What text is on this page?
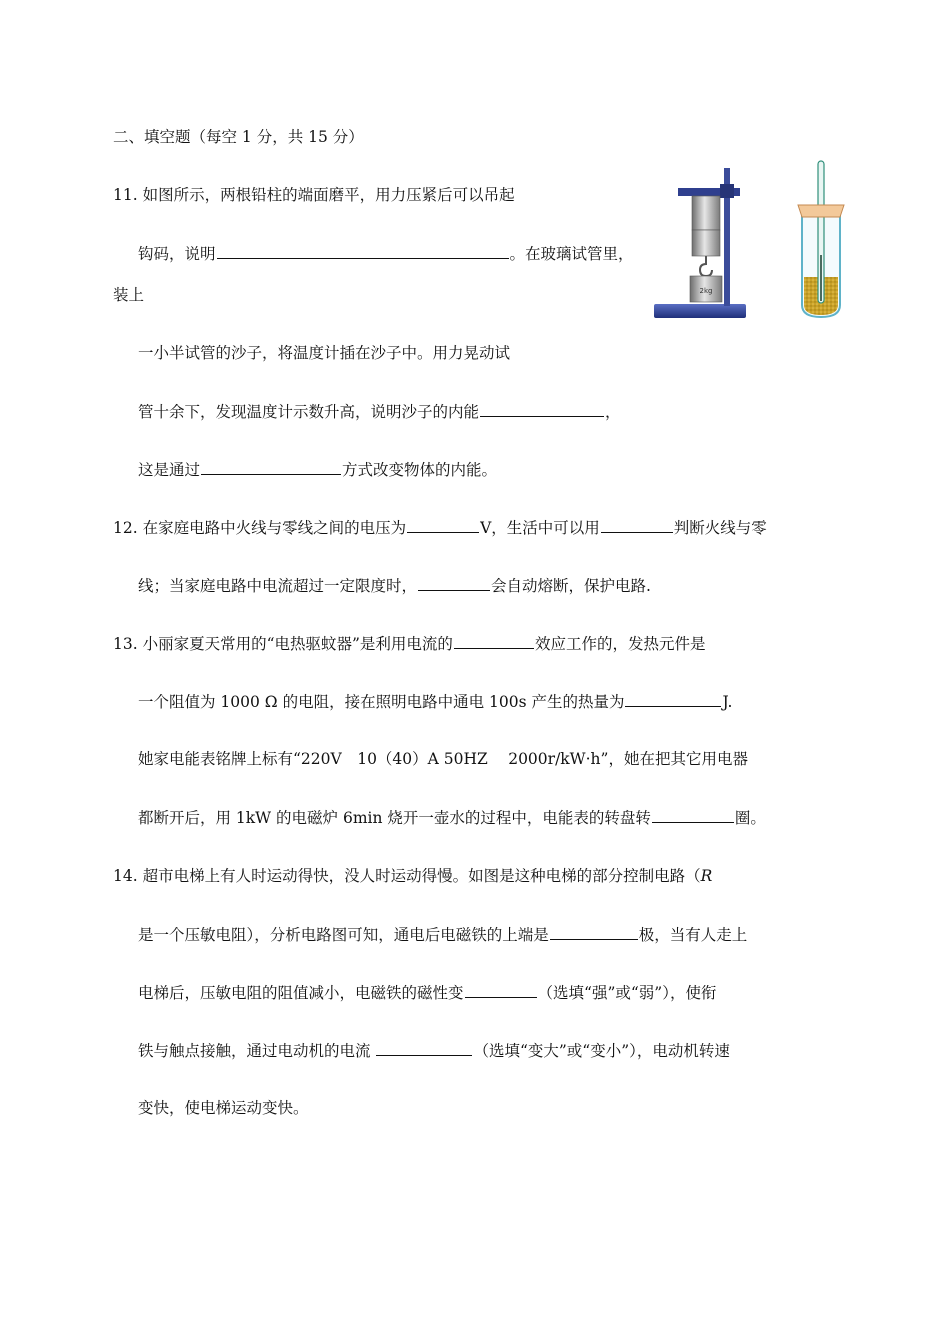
二、填空题（每空 1 分，共 15 分）
11. 如图所示，两根铅柱的端面磨平，用力压紧后可以吊起
钩码，说明	。在玻璃试管里，
装上
一小半试管的沙子，将温度计插在沙子中。用力晃动试
管十余下，发现温度计示数升高，说明沙子的内能	，
这是通过	方式改变物体的内能。
2kg
12. 在家庭电路中火线与零线之间的电压为	V，生活中可以用	判断火线与零
线；当家庭电路中电流超过一定限度时，	会自动熔断，保护电路.
13. 小丽家夏天常用的“电热驱蚊器”是利用电流的	效应工作的，发热元件是
一个阻值为 1000 Ω 的电阻，接在照明电路中通电 100s 产生的热量为	J.
她家电能表铭牌上标有“220V　10（40）A 50HZ　 2000r/kW·h”，她在把其它用电器
都断开后，用 1kW 的电磁炉 6min 烧开一壶水的过程中，电能表的转盘转	圈。
14. 超市电梯上有人时运动得快，没人时运动得慢。如图是这种电梯的部分控制电路（R
是一个压敏电阻），分析电路图可知，通电后电磁铁的上端是	极，当有人走上
电梯后，压敏电阻的阻值减小，电磁铁的磁性变	（选填“强”或“弱”），使衔
铁与触点接触，通过电动机的电流	（选填“变大”或“变小”），电动机转速
变快，使电梯运动变快。
